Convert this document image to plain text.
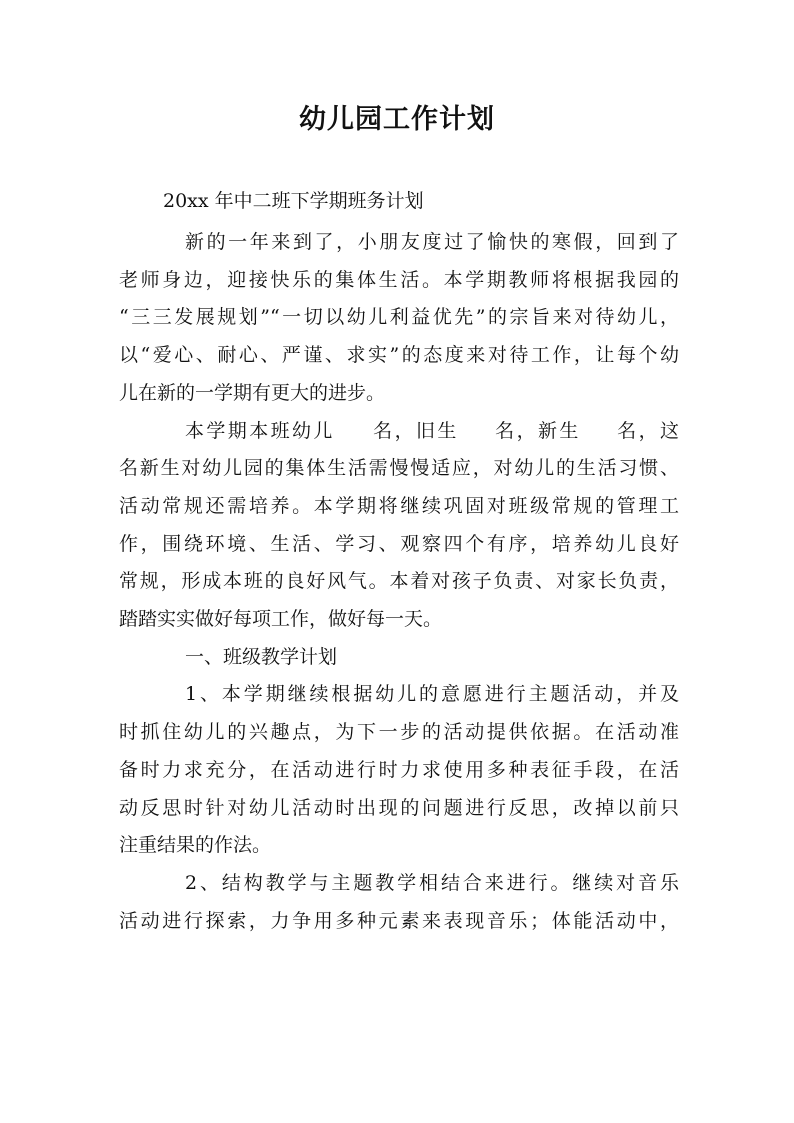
幼儿园工作计划
20xx 年中二班下学期班务计划
新的一年来到了，小朋友度过了愉快的寒假，回到了
老师身边，迎接快乐的集体生活。本学期教师将根据我园的
“三三发展规划”“一切以幼儿利益优先”的宗旨来对待幼儿，
以“爱心、耐心、严谨、求实”的态度来对待工作，让每个幼
儿在新的一学期有更大的进步。
本学期本班幼儿 名，旧生 名，新生 名，这
名新生对幼儿园的集体生活需慢慢适应，对幼儿的生活习惯、
活动常规还需培养。本学期将继续巩固对班级常规的管理工
作，围绕环境、生活、学习、观察四个有序，培养幼儿良好
常规，形成本班的良好风气。本着对孩子负责、对家长负责，
踏踏实实做好每项工作，做好每一天。
一、班级教学计划
1、本学期继续根据幼儿的意愿进行主题活动，并及
时抓住幼儿的兴趣点，为下一步的活动提供依据。在活动准
备时力求充分，在活动进行时力求使用多种表征手段，在活
动反思时针对幼儿活动时出现的问题进行反思，改掉以前只
注重结果的作法。
2、结构教学与主题教学相结合来进行。继续对音乐
活动进行探索，力争用多种元素来表现音乐；体能活动中，
